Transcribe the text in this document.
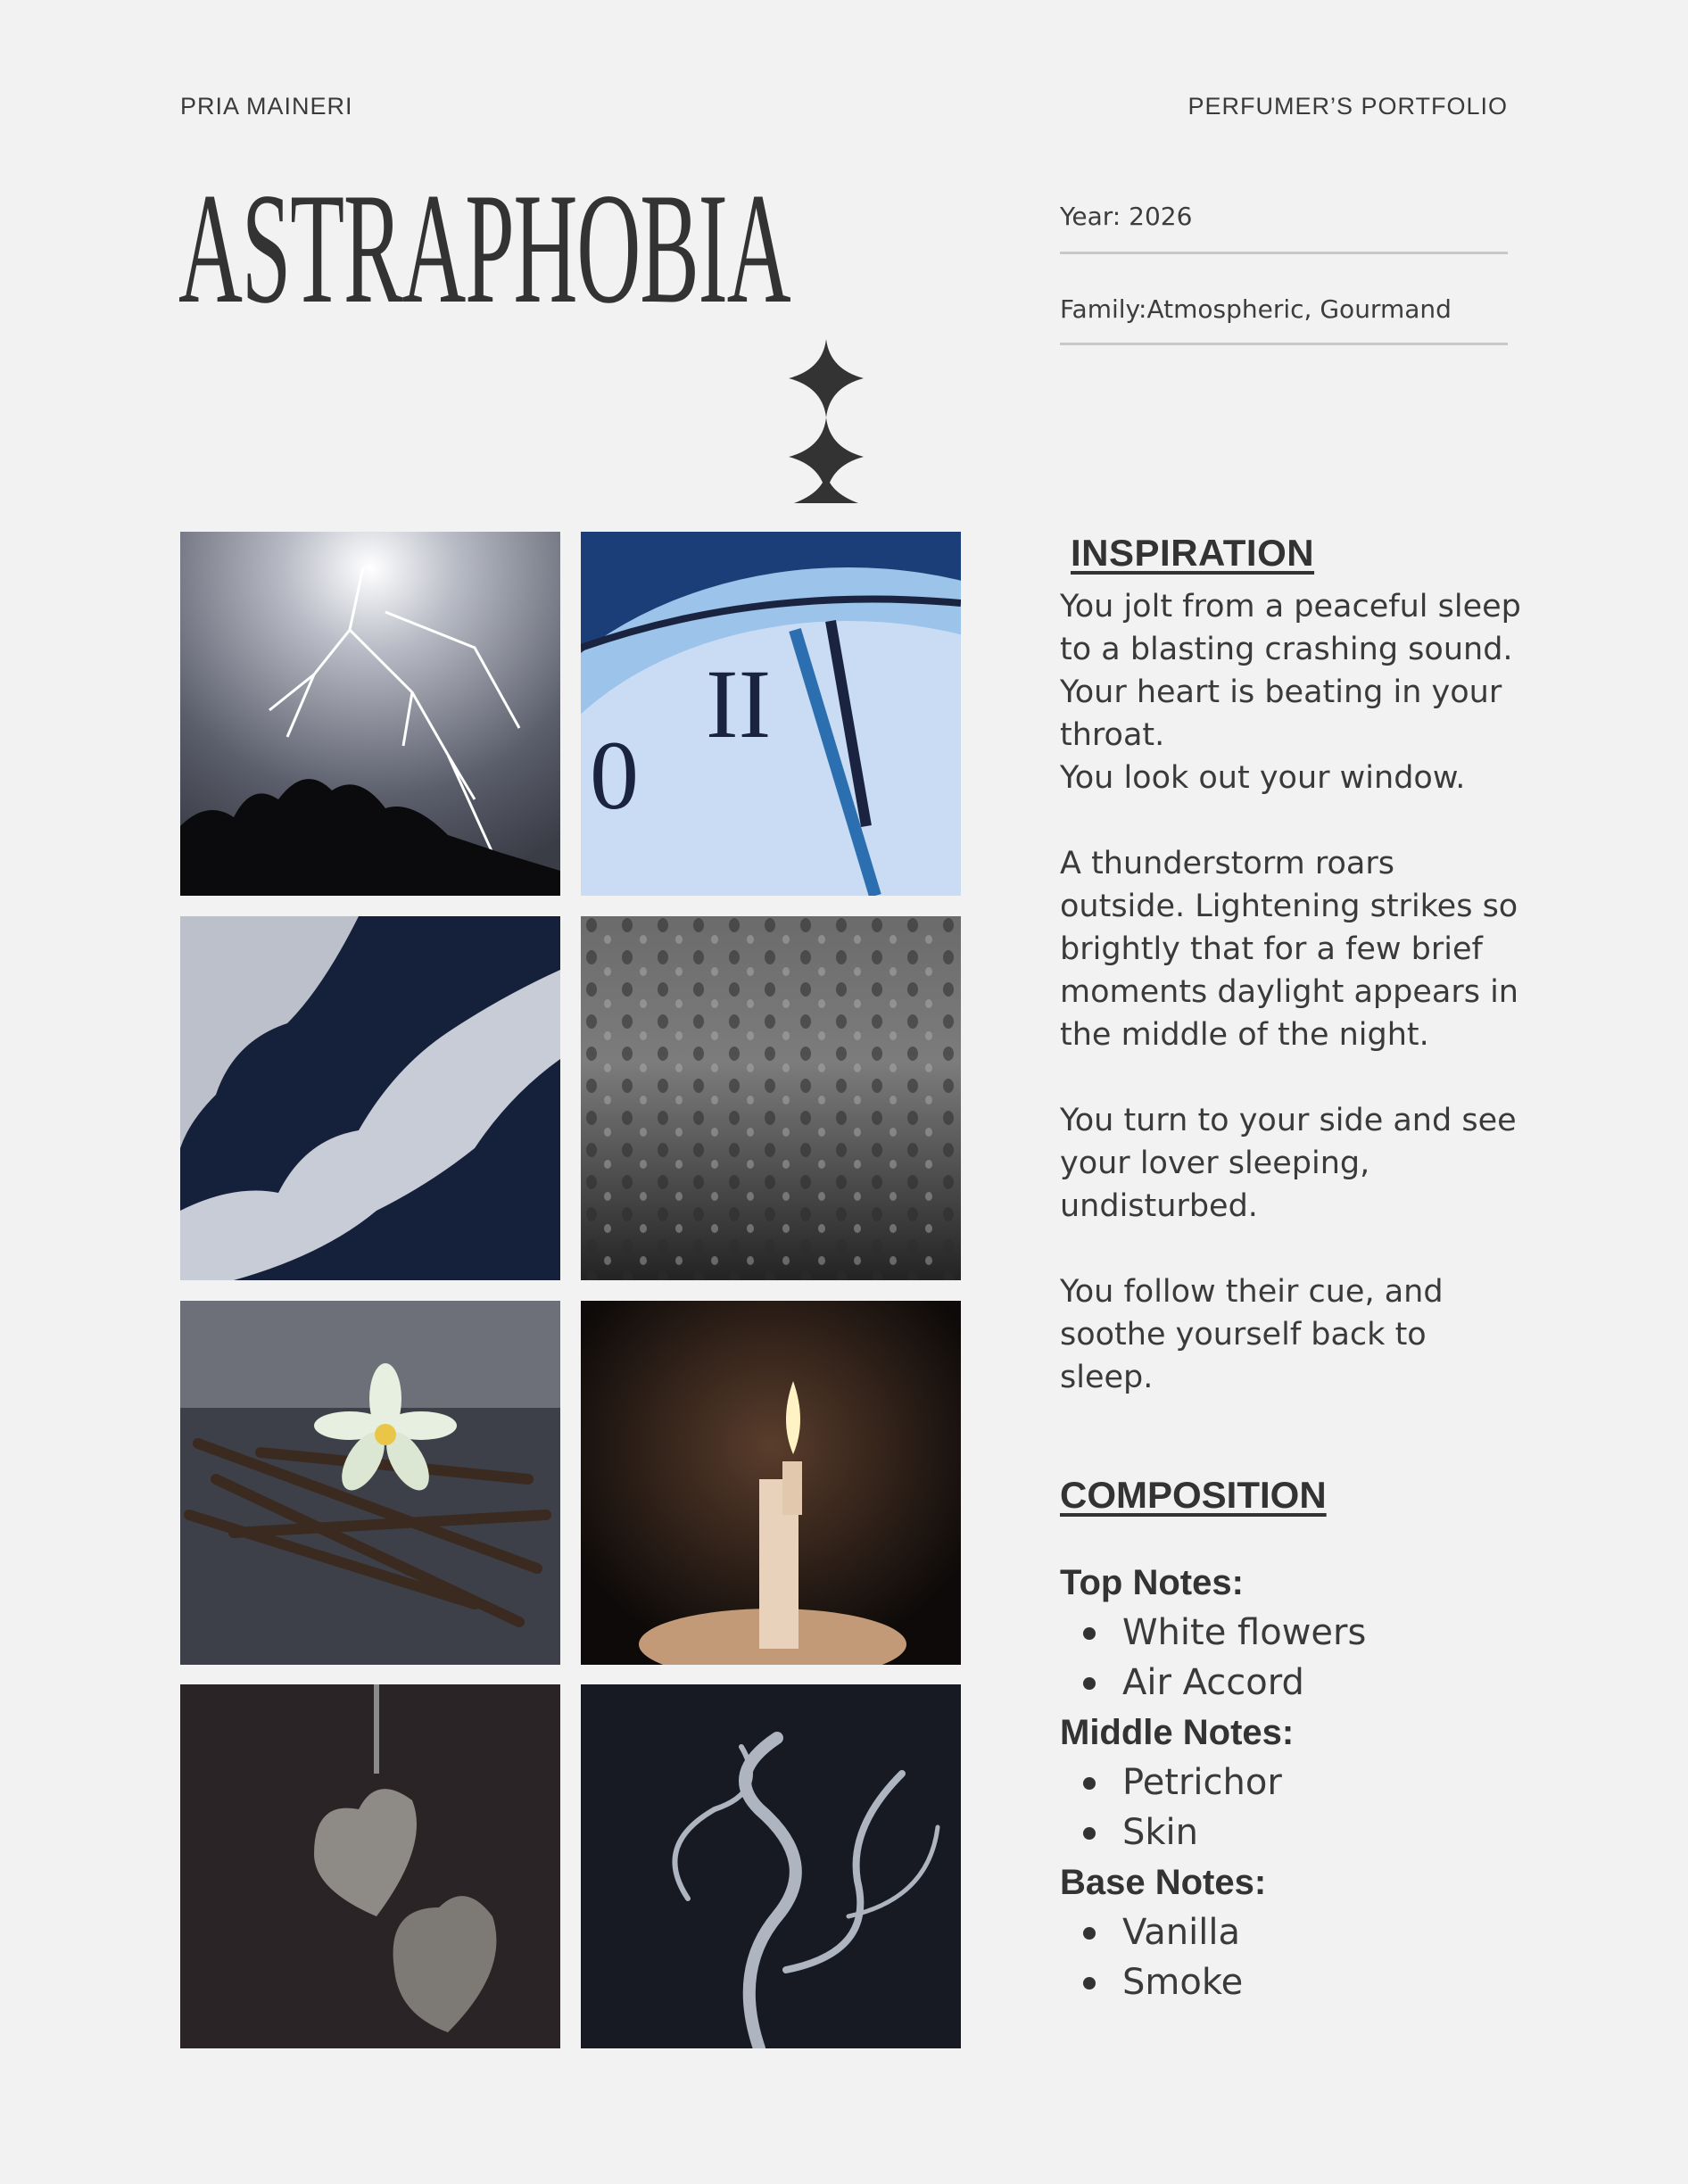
PRIA MAINERI	PERFUMER’S PORTFOLIO
ASTRAPHOBIA	Year: 2026
Family:Atmospheric, Gourmand
II
0
INSPIRATION

You jolt from a peaceful sleep to a blasting crashing sound.
Your heart is beating in your throat.
You look out your window.

A thunderstorm roars outside. Lightening strikes so brightly that for a few brief moments daylight appears in the middle of the night.

You turn to your side and see your lover sleeping, undisturbed.

You follow their cue, and soothe yourself back to sleep.

COMPOSITION
Top Notes:
White flowers
Air Accord
Middle Notes:
Petrichor
Skin
Base Notes:
Vanilla
Smoke
